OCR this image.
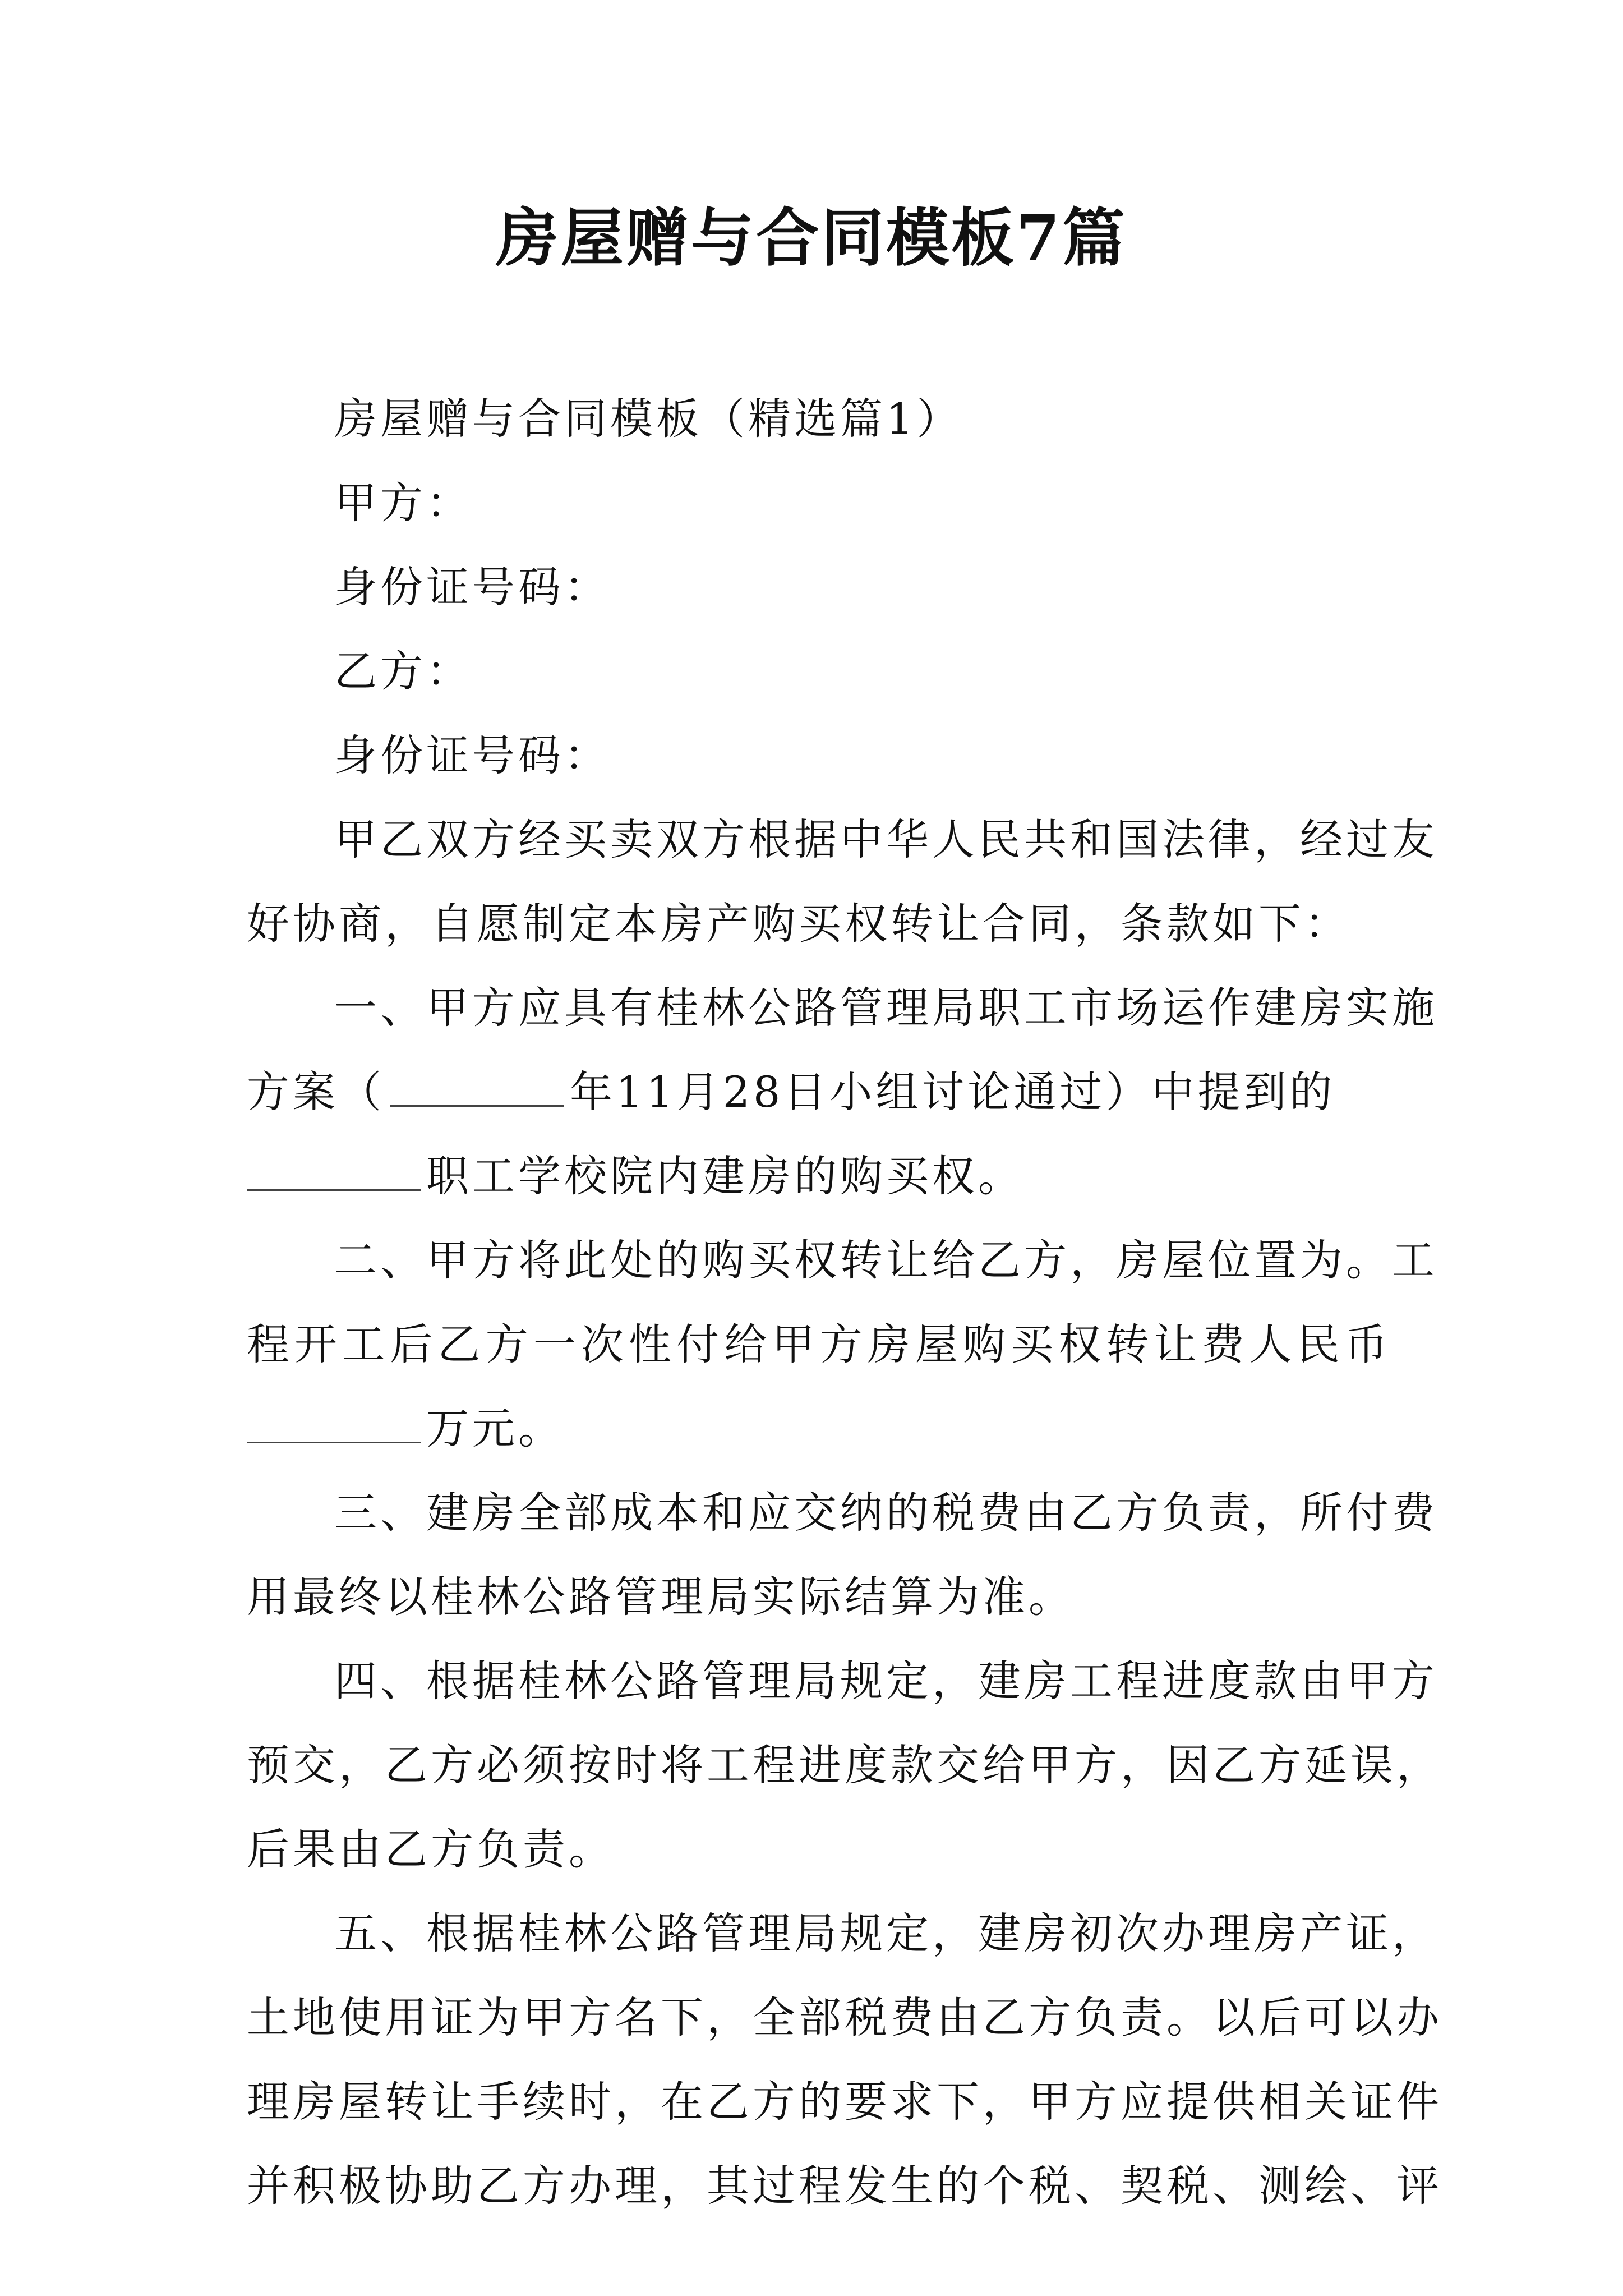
房屋赠与合同模板7篇
房屋赠与合同模板（精选篇1）
甲方：
身份证号码：
乙方：
身份证号码：
甲乙双方经买卖双方根据中华人民共和国法律，经过友
好协商，自愿制定本房产购买权转让合同，条款如下：
一、甲方应具有桂林公路管理局职工市场运作建房实施
方案（	年11月28日小组讨论通过）中提到的
职工学校院内建房的购买权。
二、甲方将此处的购买权转让给乙方，房屋位置为。工
程开工后乙方一次性付给甲方房屋购买权转让费人民币
万元。
三、建房全部成本和应交纳的税费由乙方负责，所付费
用最终以桂林公路管理局实际结算为准。
四、根据桂林公路管理局规定，建房工程进度款由甲方
预交，乙方必须按时将工程进度款交给甲方，因乙方延误，
后果由乙方负责。
五、根据桂林公路管理局规定，建房初次办理房产证，
土地使用证为甲方名下，全部税费由乙方负责。以后可以办
理房屋转让手续时，在乙方的要求下，甲方应提供相关证件
并积极协助乙方办理，其过程发生的个税、契税、测绘、评
